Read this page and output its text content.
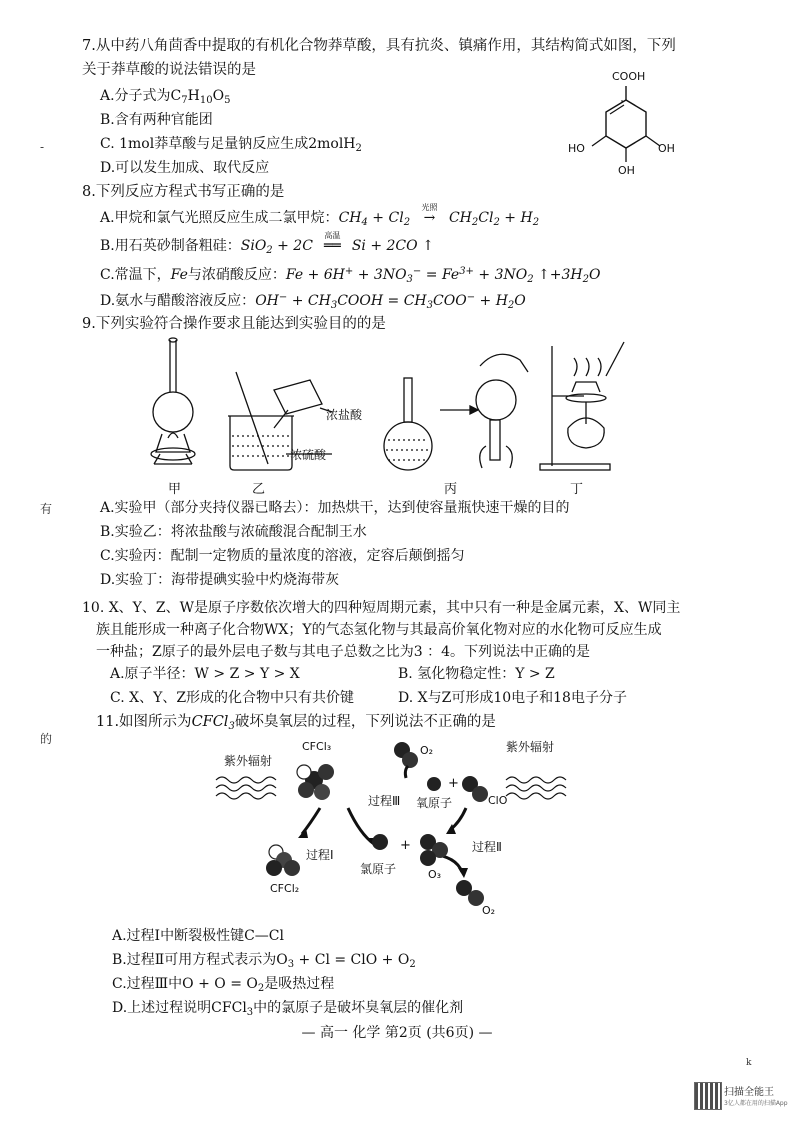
7.从中药八角茴香中提取的有机化合物莽草酸，具有抗炎、镇痛作用，其结构简式如图，下列
关于莽草酸的说法错误的是
A.分子式为$C_7H_{10}O_5$
B.含有两种官能团
C. 1mol莽草酸与足量钠反应生成2molH$_2$
D.可以发生加成、取代反应
COOH
HO	OH
OH
8.下列反应方程式书写正确的是
A.甲烷和氯气光照反应生成二氯甲烷：$CH_4 + Cl_2$
光照
→ $CH_2Cl_2 + H_2$
B.用石英砂制备粗硅：SiO$_2$ + 2C
高温
══ Si + 2CO ↑
C.常温下，Fe与浓硝酸反应：$Fe + 6H^+ + 3NO_3^- = Fe^{3+} + 3NO_2$ $↑+3H_2O$
D.氨水与醋酸溶液反应：$OH^- + CH_3COOH = CH_3COO^- + H_2O$
9.下列实验符合操作要求且能达到实验目的的是
浓盐酸
浓硫酸
甲	乙	丙	丁
A.实验甲（部分夹持仪器已略去）：加热烘干，达到使容量瓶快速干燥的目的
B.实验乙：将浓盐酸与浓硫酸混合配制王水
C.实验丙：配制一定物质的量浓度的溶液，定容后颠倒摇匀
D.实验丁：海带提碘实验中灼烧海带灰
10. X、Y、Z、W是原子序数依次增大的四种短周期元素，其中只有一种是金属元素，X、W同主
族且能形成一种离子化合物WX；Y的气态氢化物与其最高价氧化物对应的水化物可反应生成
一种盐；Z原子的最外层电子数与其电子总数之比为3 ：4。下列说法中正确的是
A.原子半径：W > Z > Y > X	B. 氢化物稳定性：Y > Z
C. X、Y、Z形成的化合物中只有共价键	D. X与Z可形成10电子和18电子分子
11.如图所示为CFCl$_3$破坏臭氧层的过程，下列说法不正确的是
紫外辐射
紫外辐射
CFCl₃	O₂
+
ClO
氧原子
过程Ⅲ
过程Ⅰ
过程Ⅱ
+
氯原子	O₃
O₂
CFCl₂
A.过程Ⅰ中断裂极性键C—Cl
B.过程Ⅱ可用方程式表示为$O_3 + Cl$ = ClO + $O_2$
C.过程Ⅲ中$O + O = O_2$是吸热过程
D.上述过程说明CFCl$_3$中的氯原子是破坏臭氧层的催化剂
— 高一 化学 第2页 (共6页) —
-
有
的
k
扫描全能王
3亿人都在用的扫描App
